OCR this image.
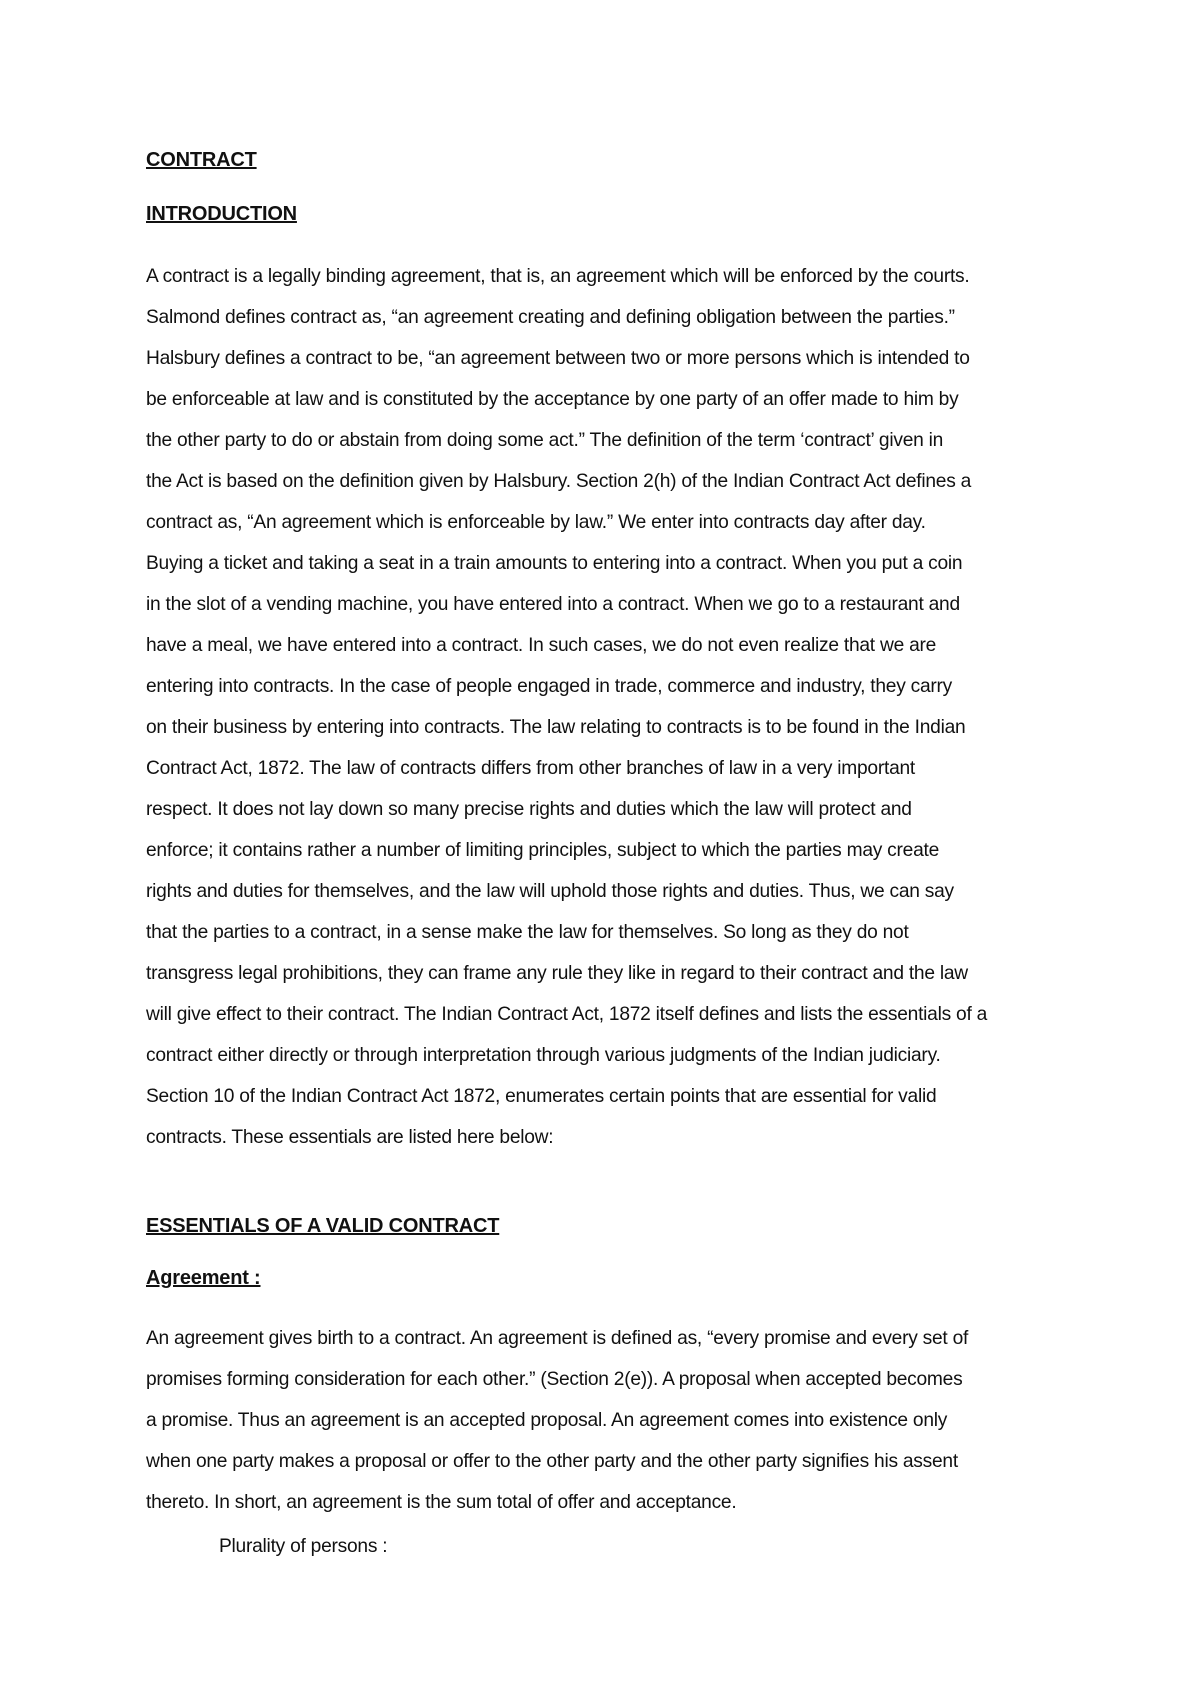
CONTRACT
INTRODUCTION

A contract is a legally binding agreement, that is, an agreement which will be enforced by the courts.
Salmond defines contract as, “an agreement creating and defining obligation between the parties.”
Halsbury defines a contract to be, “an agreement between two or more persons which is intended to
be enforceable at law and is constituted by the acceptance by one party of an offer made to him by
the other party to do or abstain from doing some act.” The definition of the term ‘contract’ given in
the Act is based on the definition given by Halsbury. Section 2(h) of the Indian Contract Act defines a
contract as, “An agreement which is enforceable by law.” We enter into contracts day after day.
Buying a ticket and taking a seat in a train amounts to entering into a contract. When you put a coin
in the slot of a vending machine, you have entered into a contract. When we go to a restaurant and
have a meal, we have entered into a contract. In such cases, we do not even realize that we are
entering into contracts. In the case of people engaged in trade, commerce and industry, they carry
on their business by entering into contracts. The law relating to contracts is to be found in the Indian
Contract Act, 1872. The law of contracts differs from other branches of law in a very important
respect. It does not lay down so many precise rights and duties which the law will protect and
enforce; it contains rather a number of limiting principles, subject to which the parties may create
rights and duties for themselves, and the law will uphold those rights and duties. Thus, we can say
that the parties to a contract, in a sense make the law for themselves. So long as they do not
transgress legal prohibitions, they can frame any rule they like in regard to their contract and the law
will give effect to their contract. The Indian Contract Act, 1872 itself defines and lists the essentials of a
contract either directly or through interpretation through various judgments of the Indian judiciary.
Section 10 of the Indian Contract Act 1872, enumerates certain points that are essential for valid
contracts. These essentials are listed here below:

ESSENTIALS OF A VALID CONTRACT
Agreement :

An agreement gives birth to a contract. An agreement is defined as, “every promise and every set of
promises forming consideration for each other.” (Section 2(e)). A proposal when accepted becomes
a promise. Thus an agreement is an accepted proposal. An agreement comes into existence only
when one party makes a proposal or offer to the other party and the other party signifies his assent
thereto. In short, an agreement is the sum total of offer and acceptance.

Plurality of persons :
